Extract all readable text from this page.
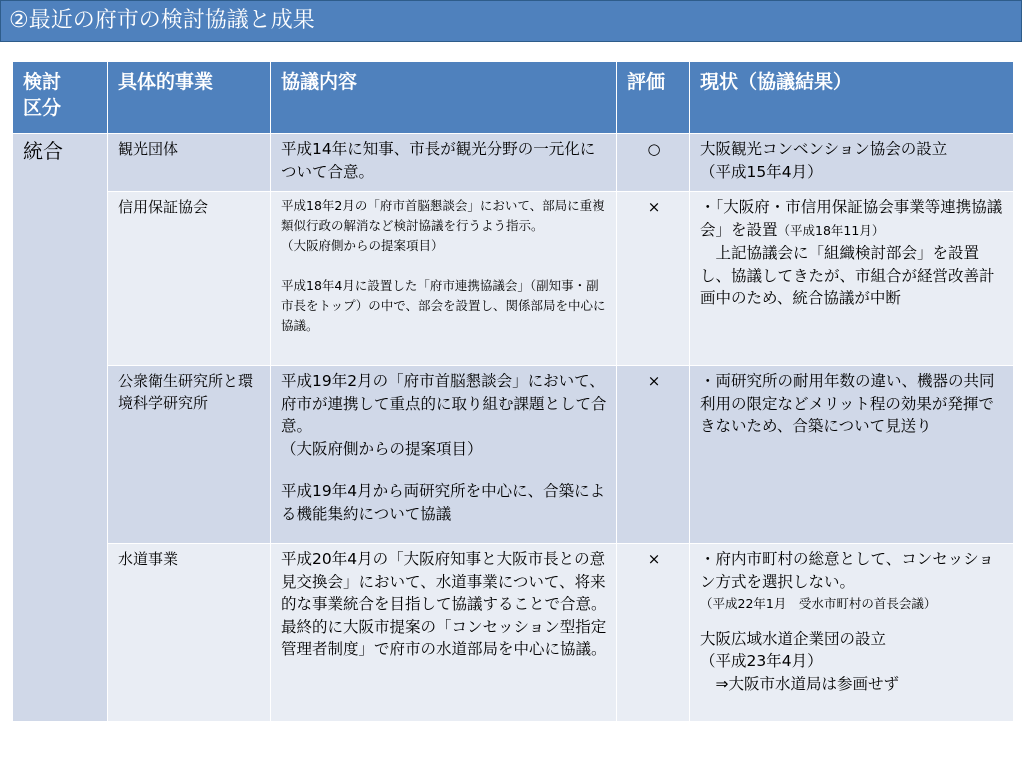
②最近の府市の検討協議と成果
検討
区分	具体的事業	協議内容	評価	現状（協議結果）
統合	観光団体	平成14年に知事、市長が観光分野の一元化について合意。	○	大阪観光コンベンション協会の設立
（平成15年4月）

	信用保証協会	平成18年2月の「府市首脳懇談会」において、部局に重複類似行政の解消など検討協議を行うよう指示。
（大阪府側からの提案項目）
平成18年4月に設置した「府市連携協議会」（副知事・副市長をトップ）の中で、部会を設置し、関係部局を中心に協議。	×	・「大阪府・市信用保証協会事業等連携協議会」を設置（平成18年11月）
　上記協議会に「組織検討部会」を設置し、協議してきたが、市組合が経営改善計画中のため、統合協議が中断

	公衆衛生研究所と環境科学研究所	平成19年2月の「府市首脳懇談会」において、府市が連携して重点的に取り組む課題として合意。
（大阪府側からの提案項目）
平成19年4月から両研究所を中心に、合築による機能集約について協議	×	・両研究所の耐用年数の違い、機器の共同利用の限定などメリット程の効果が発揮できないため、合築について見送り

	水道事業	平成20年4月の「大阪府知事と大阪市長との意見交換会」において、水道事業について、将来的な事業統合を目指して協議することで合意。
最終的に大阪市提案の「コンセッション型指定管理者制度」で府市の水道部局を中心に協議。	×	・府内市町村の総意として、コンセッション方式を選択しない。
（平成22年1月　受水市町村の首長会議）
大阪広域水道企業団の設立
（平成23年4月）
　⇒大阪市水道局は参画せず
